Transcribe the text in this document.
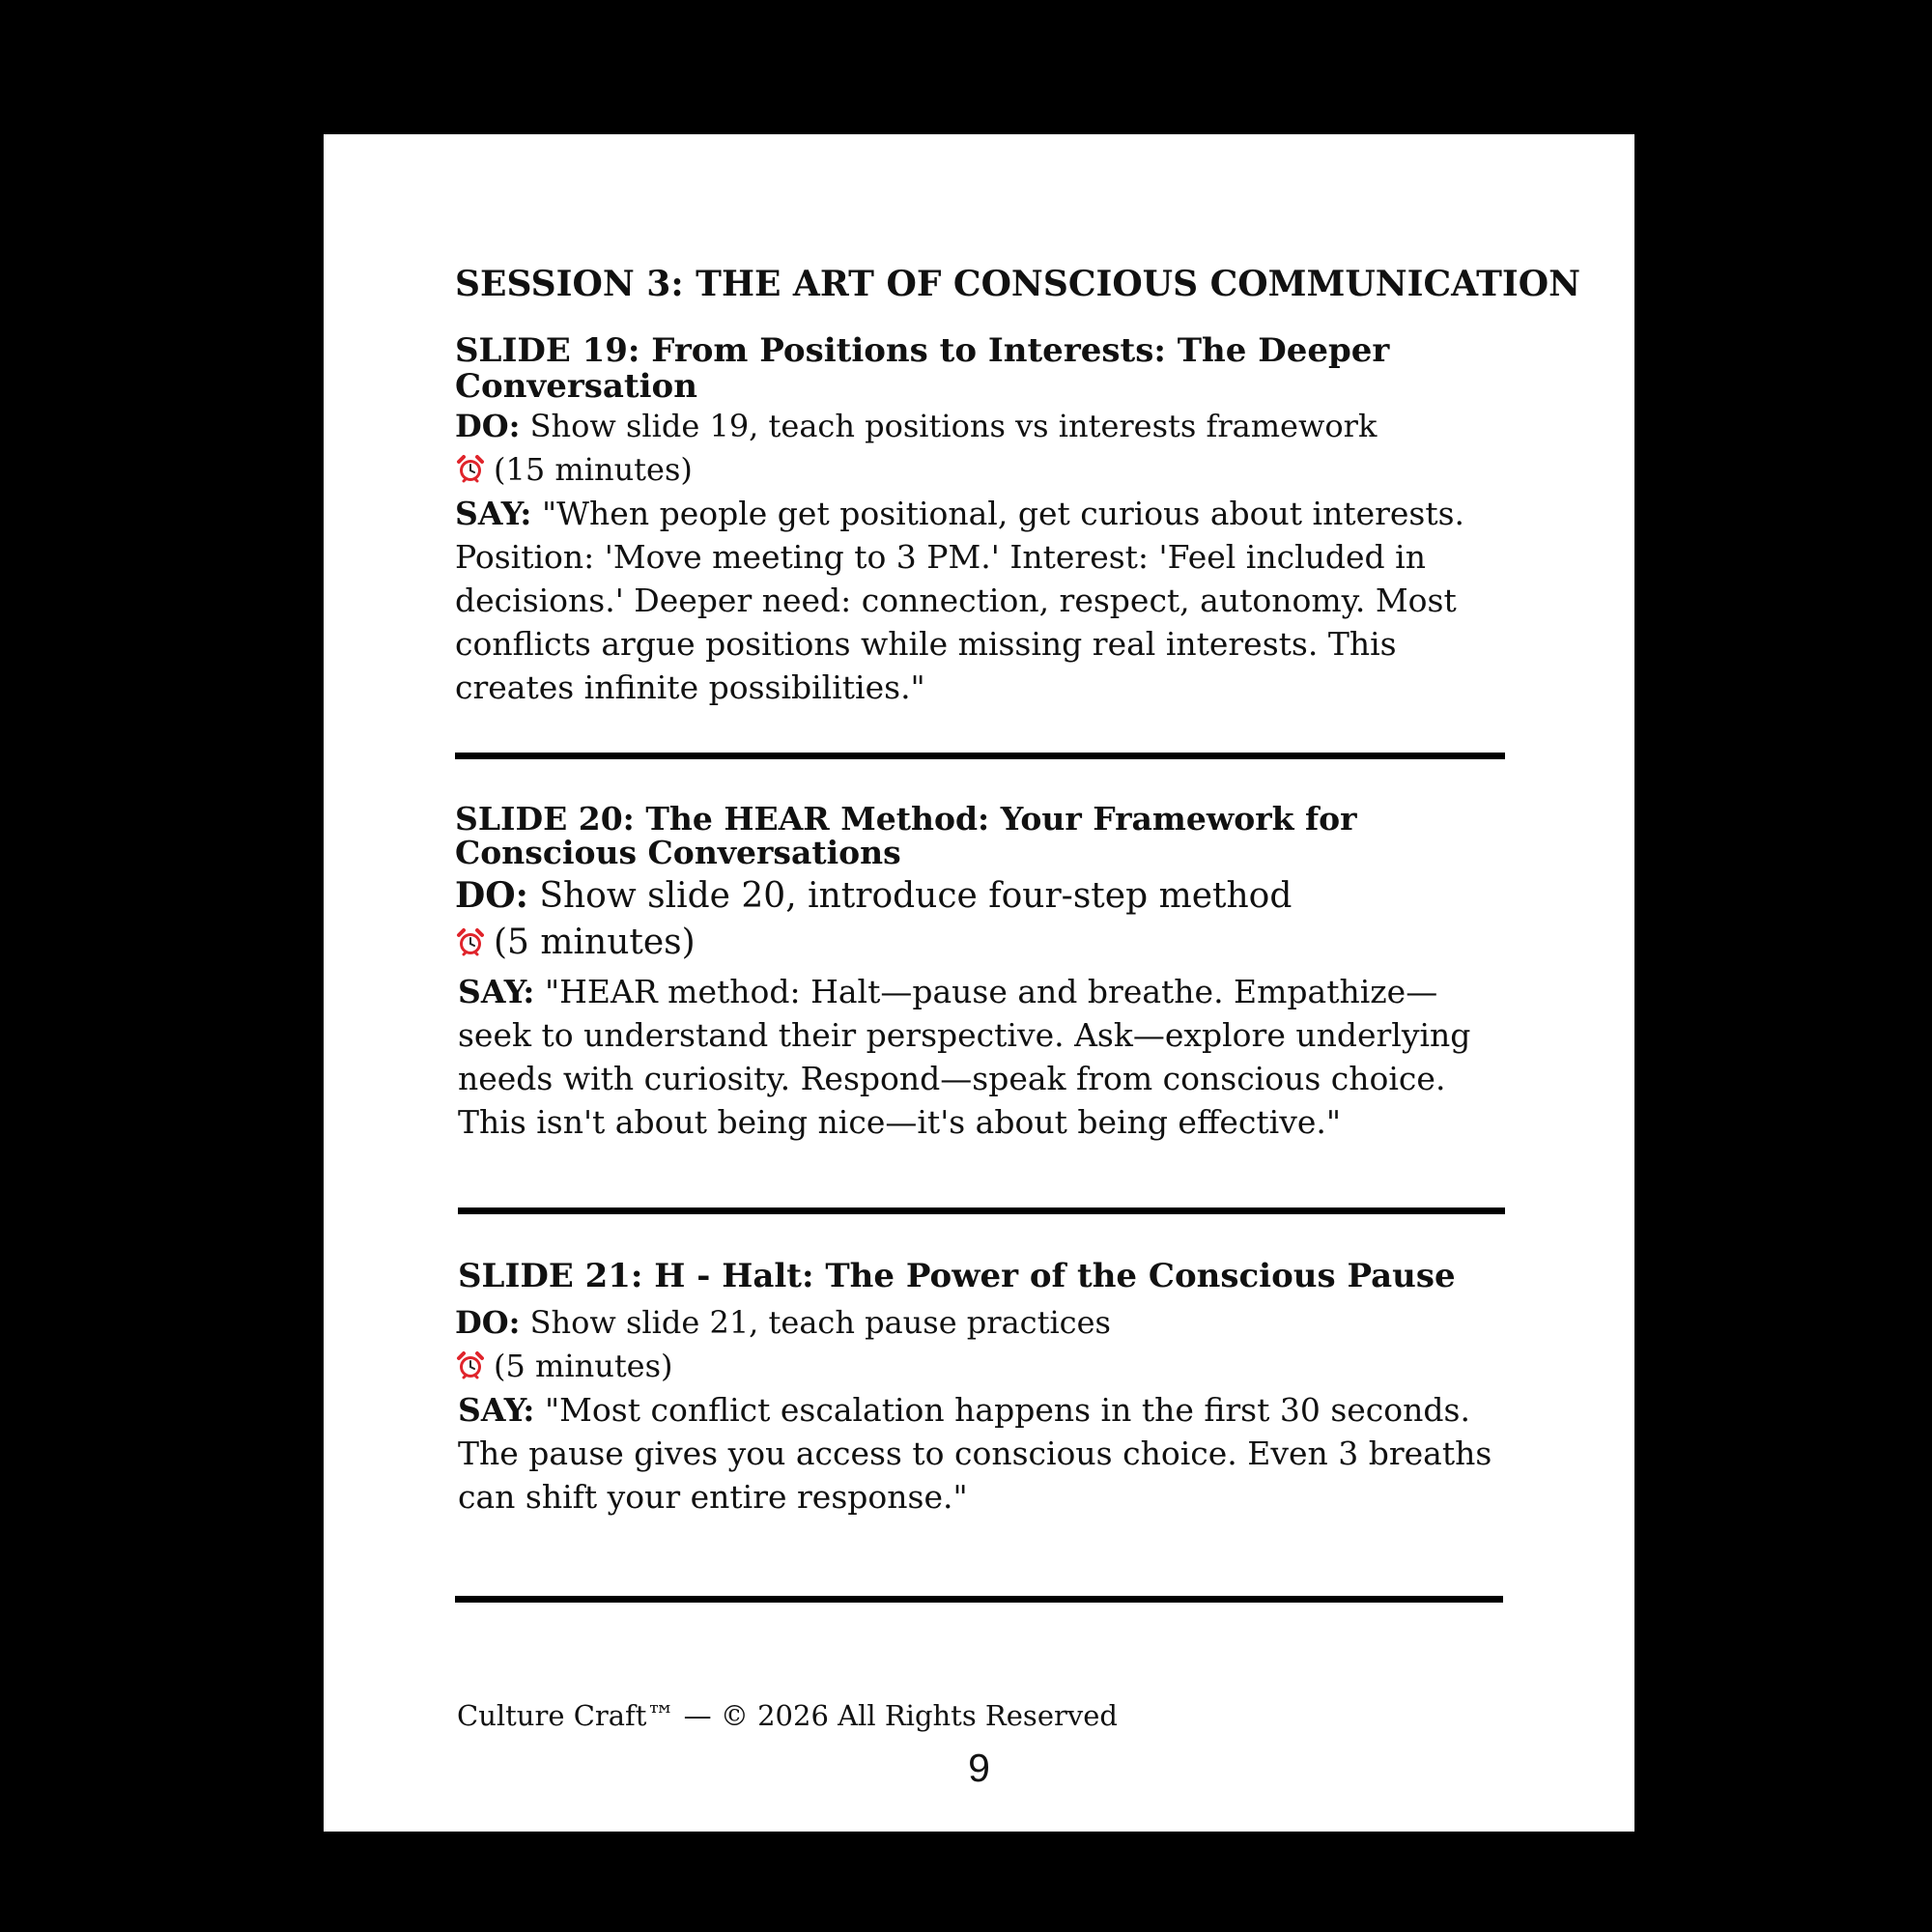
SESSION 3: THE ART OF CONSCIOUS COMMUNICATION
SLIDE 19: From Positions to Interests: The Deeper Conversation

DO: Show slide 19, teach positions vs interests framework

(15 minutes)

SAY: "When people get positional, get curious about interests. Position: 'Move meeting to 3 PM.' Interest: 'Feel included in decisions.' Deeper need: connection, respect, autonomy. Most conflicts argue positions while missing real interests. This creates infinite possibilities."

SLIDE 20: The HEAR Method: Your Framework for Conscious Conversations

DO: Show slide 20, introduce four-step method

(5 minutes)

SAY: "HEAR method: Halt—pause and breathe. Empathize—seek to understand their perspective. Ask—explore underlying needs with curiosity. Respond—speak from conscious choice. This isn't about being nice—it's about being effective."

SLIDE 21: H - Halt: The Power of the Conscious Pause

DO: Show slide 21, teach pause practices

(5 minutes)

SAY: "Most conflict escalation happens in the first 30 seconds. The pause gives you access to conscious choice. Even 3 breaths can shift your entire response."

Culture Craft™ — © 2026 All Rights Reserved
9
